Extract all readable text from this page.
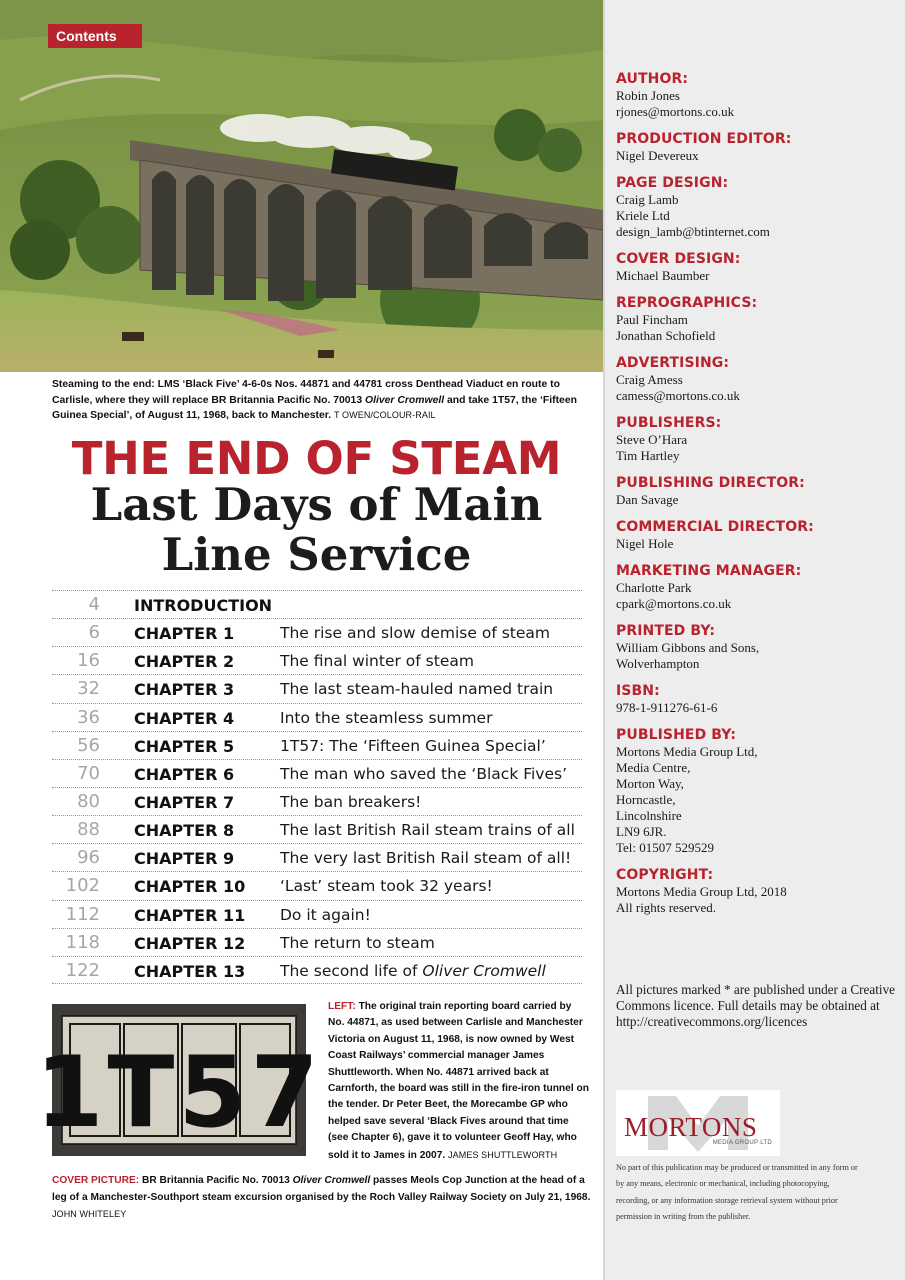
Contents
Steaming to the end: LMS ‘Black Five’ 4-6-0s Nos. 44871 and 44781 cross Denthead Viaduct en route to Carlisle, where they will replace BR Britannia Pacific No. 70013 Oliver Cromwell and take 1T57, the ‘Fifteen Guinea Special’, of August 11, 1968, back to Manchester. T OWEN/COLOUR-RAIL
THE END OF STEAM
Last Days of Main
Line Service
4 INTRODUCTION
6 CHAPTER 1	The rise and slow demise of steam
16 CHAPTER 2	The final winter of steam
32 CHAPTER 3	The last steam-hauled named train
36 CHAPTER 4	Into the steamless summer
56 CHAPTER 5	1T57: The ‘Fifteen Guinea Special’
70 CHAPTER 6	The man who saved the ‘Black Fives’
80 CHAPTER 7	The ban breakers!
88 CHAPTER 8	The last British Rail steam trains of all
96 CHAPTER 9	The very last British Rail steam of all!
102 CHAPTER 10 ‘Last’ steam took 32 years!
112 CHAPTER 11 Do it again!
118 CHAPTER 12 The return to steam
122 CHAPTER 13 The second life of Oliver Cromwell
1T57
LEFT: The original train reporting board carried by No. 44871, as used between Carlisle and Manchester Victoria on August 11, 1968, is now owned by West Coast Railways’ commercial manager James Shuttleworth. When No. 44871 arrived back at Carnforth, the board was still in the fire-iron tunnel on the tender. Dr Peter Beet, the Morecambe GP who helped save several ‘Black Fives around that time (see Chapter 6), gave it to volunteer Geoff Hay, who sold it to James in 2007. JAMES SHUTTLEWORTH
COVER PICTURE: BR Britannia Pacific No. 70013 Oliver Cromwell passes Meols Cop Junction at the head of a leg of a Manchester-Southport steam excursion organised by the Roch Valley Railway Society on July 21, 1968.
JOHN WHITELEY
AUTHOR:
Robin Jones
rjones@mortons.co.uk
PRODUCTION EDITOR:
Nigel Devereux
PAGE DESIGN:
Craig Lamb
Kriele Ltd
design_lamb@btinternet.com
COVER DESIGN:
Michael Baumber
REPROGRAPHICS:
Paul Fincham
Jonathan Schofield
ADVERTISING:
Craig Amess
camess@mortons.co.uk
PUBLISHERS:
Steve O’Hara
Tim Hartley
PUBLISHING DIRECTOR:
Dan Savage
COMMERCIAL DIRECTOR:
Nigel Hole
MARKETING MANAGER:
Charlotte Park
cpark@mortons.co.uk
PRINTED BY:
William Gibbons and Sons,
Wolverhampton
ISBN:
978-1-911276-61-6
PUBLISHED BY:
Mortons Media Group Ltd,
Media Centre,
Morton Way,
Horncastle,
Lincolnshire
LN9 6JR.
Tel: 01507 529529
COPYRIGHT:
Mortons Media Group Ltd, 2018
All rights reserved.
All pictures marked * are published under a Creative Commons licence. Full details may be obtained at http://creativecommons.org/licences
MORTONS
MEDIA GROUP LTD
No part of this publication may be produced or transmitted in any form or by any means, electronic or mechanical, including photocopying, recording, or any information storage retrieval system without prior permission in writing from the publisher.
